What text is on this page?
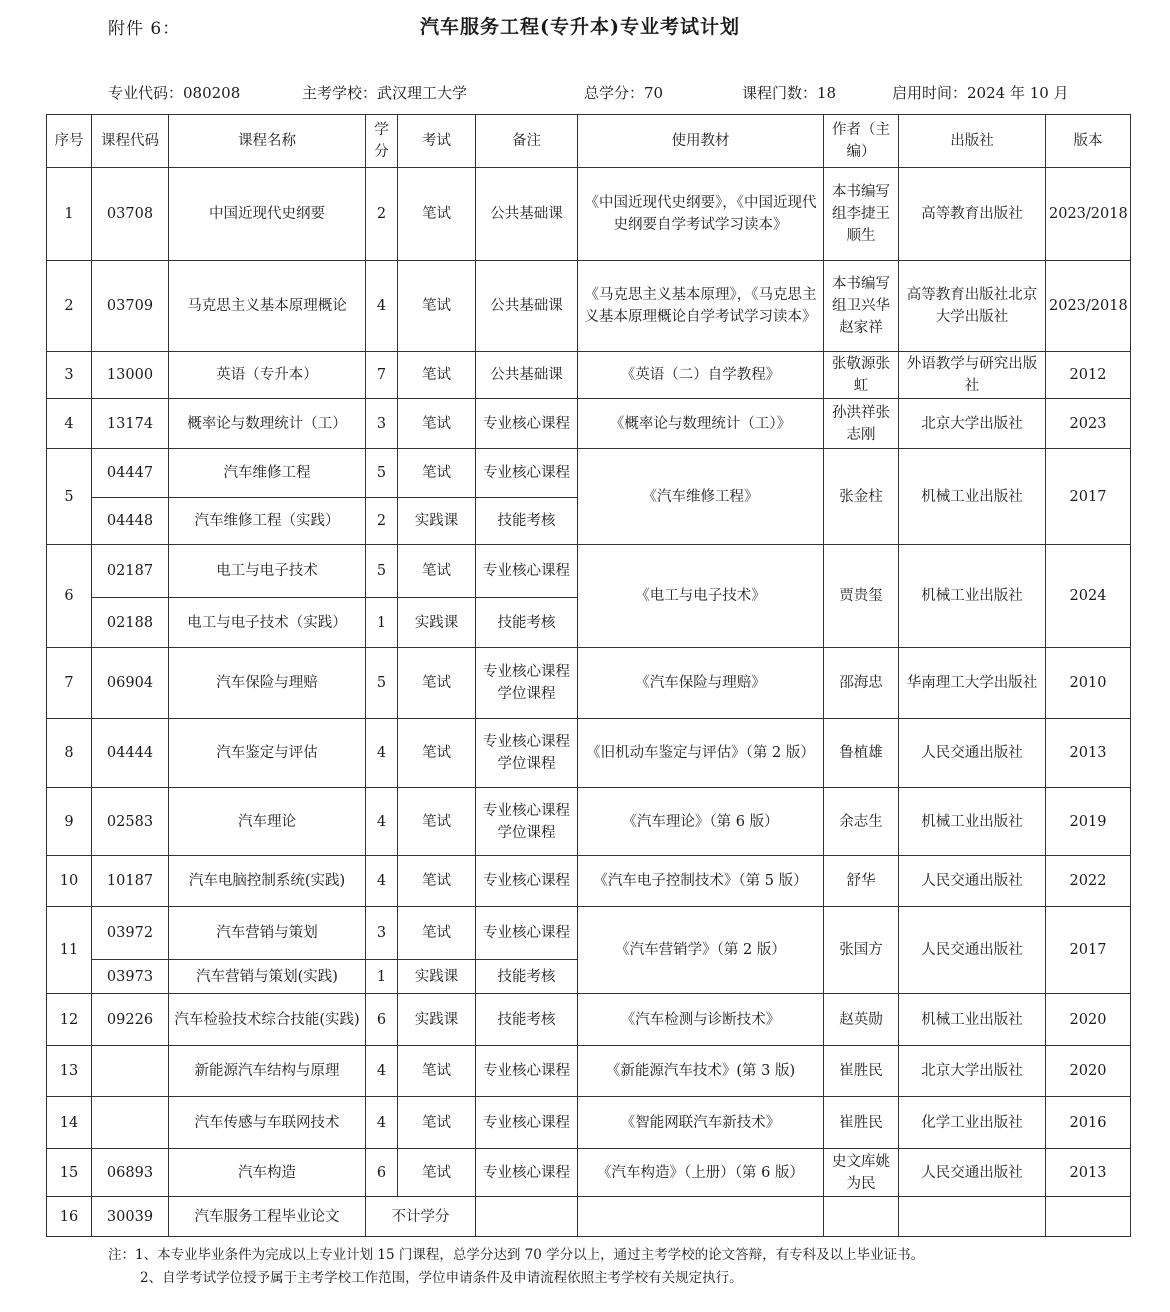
附件 6：	汽车服务工程(专升本)专业考试计划
专业代码：080208	主考学校：武汉理工大学	总学分：70	课程门数：18	启用时间：2024 年 10 月
序号	课程代码	课程名称	学分	考试	备注	使用教材	作者（主编）	出版社	版本
1	03708	中国近现代史纲要	2	笔试	公共基础课	《中国近现代史纲要》，《中国近现代史纲要自学考试学习读本》	本书编写组李捷王顺生	高等教育出版社	2023/2018
2	03709	马克思主义基本原理概论	4	笔试	公共基础课	《马克思主义基本原理》，《马克思主义基本原理概论自学考试学习读本》	本书编写组卫兴华赵家祥	高等教育出版社北京大学出版社	2023/2018
3	13000	英语（专升本）	7	笔试	公共基础课	《英语（二）自学教程》	张敬源张虹	外语教学与研究出版社	2012
4	13174	概率论与数理统计（工）	3	笔试	专业核心课程	《概率论与数理统计（工）》	孙洪祥张志刚	北京大学出版社	2023
5	04447	汽车维修工程	5	笔试	专业核心课程	《汽车维修工程》	张金柱	机械工业出版社	2017
	04448	汽车维修工程（实践）	2	实践课	技能考核				
6	02187	电工与电子技术	5	笔试	专业核心课程	《电工与电子技术》	贾贵玺	机械工业出版社	2024
	02188	电工与电子技术（实践）	1	实践课	技能考核				
7	06904	汽车保险与理赔	5	笔试	专业核心课程学位课程	《汽车保险与理赔》	邵海忠	华南理工大学出版社	2010
8	04444	汽车鉴定与评估	4	笔试	专业核心课程学位课程	《旧机动车鉴定与评估》（第 2 版）	鲁植雄	人民交通出版社	2013
9	02583	汽车理论	4	笔试	专业核心课程学位课程	《汽车理论》（第 6 版）	余志生	机械工业出版社	2019
10	10187	汽车电脑控制系统(实践)	4	笔试	专业核心课程	《汽车电子控制技术》（第 5 版）	舒华	人民交通出版社	2022
11	03972	汽车营销与策划	3	笔试	专业核心课程	《汽车营销学》（第 2 版）	张国方	人民交通出版社	2017
	03973	汽车营销与策划(实践)	1	实践课	技能考核				
12	09226	汽车检验技术综合技能(实践)	6	实践课	技能考核	《汽车检测与诊断技术》	赵英勋	机械工业出版社	2020
13		新能源汽车结构与原理	4	笔试	专业核心课程	《新能源汽车技术》(第 3 版)	崔胜民	北京大学出版社	2020
14		汽车传感与车联网技术	4	笔试	专业核心课程	《智能网联汽车新技术》	崔胜民	化学工业出版社	2016
15	06893	汽车构造	6	笔试	专业核心课程	《汽车构造》（上册）（第 6 版）	史文库姚为民	人民交通出版社	2013
16	30039	汽车服务工程毕业论文	不计学分						
注：1、本专业毕业条件为完成以上专业计划 15 门课程，总学分达到 70 学分以上，通过主考学校的论文答辩，有专科及以上毕业证书。
2、自学考试学位授予属于主考学校工作范围，学位申请条件及申请流程依照主考学校有关规定执行。
